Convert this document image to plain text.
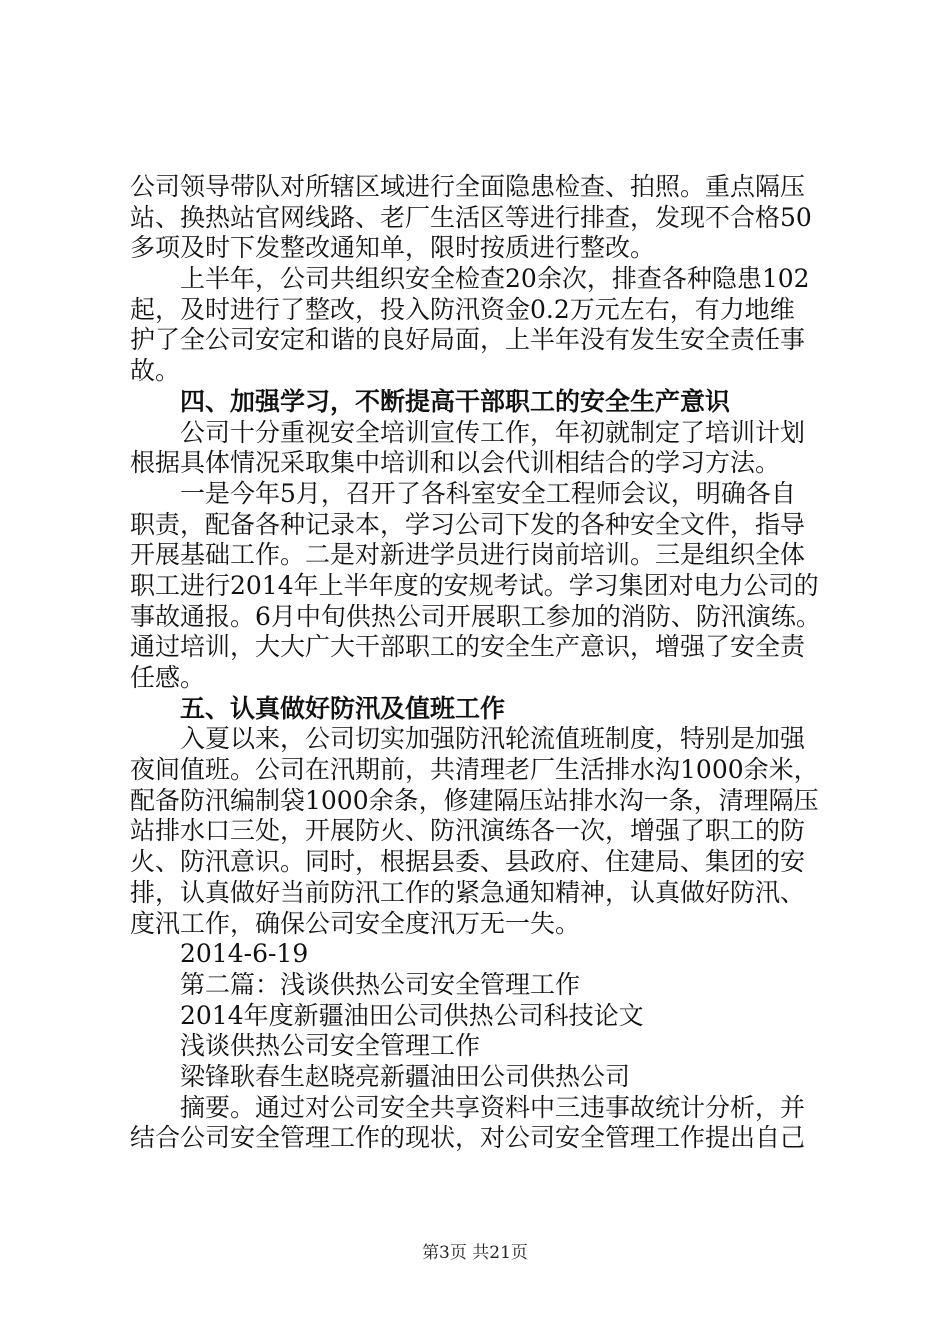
公司领导带队对所辖区域进行全面隐患检查、拍照。重点隔压
站、换热站官网线路、老厂生活区等进行排查，发现不合格50
多项及时下发整改通知单，限时按质进行整改。
上半年，公司共组织安全检查20余次，排查各种隐患102
起，及时进行了整改，投入防汛资金0.2万元左右，有力地维
护了全公司安定和谐的良好局面，上半年没有发生安全责任事
故。
四、加强学习，不断提高干部职工的安全生产意识
公司十分重视安全培训宣传工作，年初就制定了培训计划
根据具体情况采取集中培训和以会代训相结合的学习方法。
一是今年5月，召开了各科室安全工程师会议，明确各自
职责，配备各种记录本，学习公司下发的各种安全文件，指导
开展基础工作。二是对新进学员进行岗前培训。三是组织全体
职工进行2014年上半年度的安规考试。学习集团对电力公司的
事故通报。6月中旬供热公司开展职工参加的消防、防汛演练。
通过培训，大大广大干部职工的安全生产意识，增强了安全责
任感。
五、认真做好防汛及值班工作
入夏以来，公司切实加强防汛轮流值班制度，特别是加强
夜间值班。公司在汛期前，共清理老厂生活排水沟1000余米，
配备防汛编制袋1000余条，修建隔压站排水沟一条，清理隔压
站排水口三处，开展防火、防汛演练各一次，增强了职工的防
火、防汛意识。同时，根据县委、县政府、住建局、集团的安
排，认真做好当前防汛工作的紧急通知精神，认真做好防汛、
度汛工作，确保公司安全度汛万无一失。
2014-6-19
第二篇：浅谈供热公司安全管理工作
2014年度新疆油田公司供热公司科技论文
浅谈供热公司安全管理工作
梁锋耿春生赵晓亮新疆油田公司供热公司
摘要。通过对公司安全共享资料中三违事故统计分析，并
结合公司安全管理工作的现状，对公司安全管理工作提出自己
第3页 共21页
